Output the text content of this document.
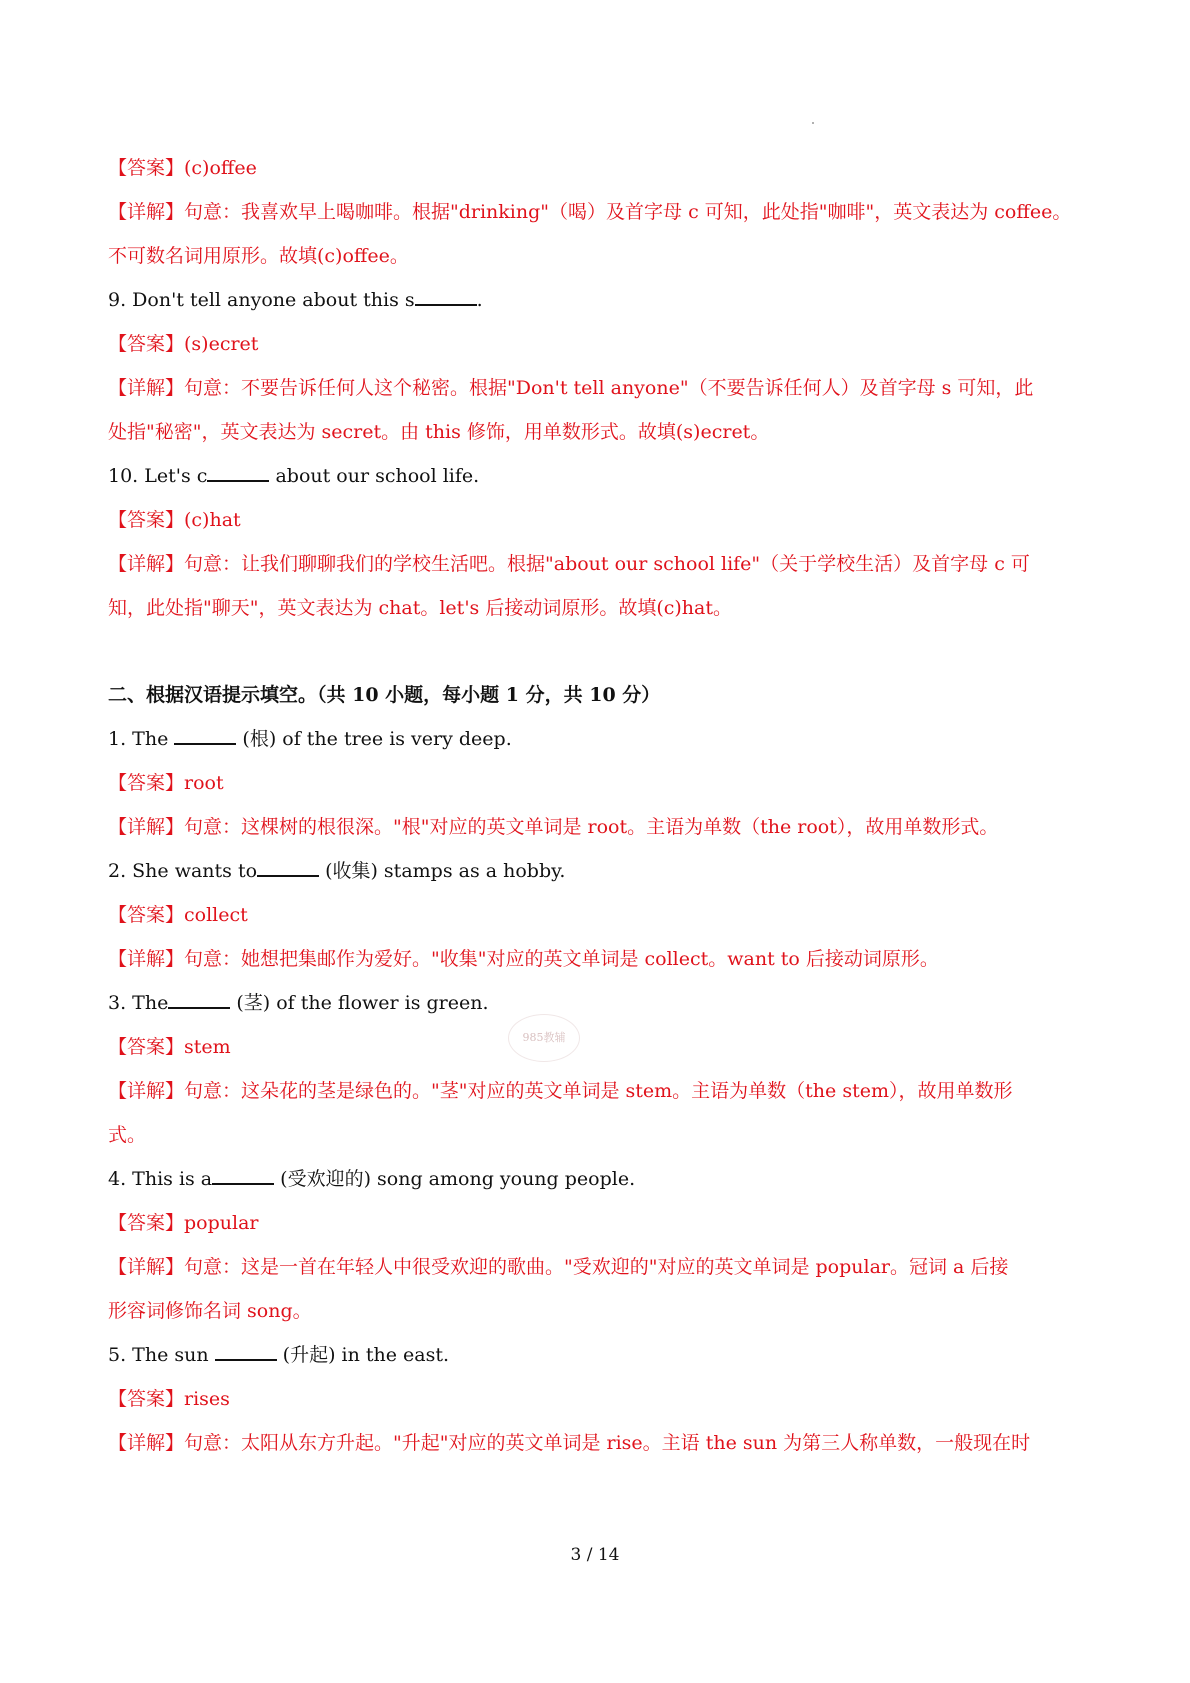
【答案】(c)offee
【详解】句意：我喜欢早上喝咖啡。根据"drinking"（喝）及首字母 c 可知，此处指"咖啡"，英文表达为 coffee。
不可数名词用原形。故填(c)offee。
9. Don't tell anyone about this s	.
【答案】(s)ecret
【详解】句意：不要告诉任何人这个秘密。根据"Don't tell anyone"（不要告诉任何人）及首字母 s 可知，此
处指"秘密"，英文表达为 secret。由 this 修饰，用单数形式。故填(s)ecret。
10. Let's c	about our school life.
【答案】(c)hat
【详解】句意：让我们聊聊我们的学校生活吧。根据"about our school life"（关于学校生活）及首字母 c 可
知，此处指"聊天"，英文表达为 chat。let's 后接动词原形。故填(c)hat。
二、根据汉语提示填空。（共 10 小题，每小题 1 分，共 10 分）
1. The	(根) of the tree is very deep.
【答案】root
【详解】句意：这棵树的根很深。"根"对应的英文单词是 root。主语为单数（the root），故用单数形式。
2. She wants to	(收集) stamps as a hobby.
【答案】collect
【详解】句意：她想把集邮作为爱好。"收集"对应的英文单词是 collect。want to 后接动词原形。
3. The	(茎) of the flower is green.
【答案】stem
【详解】句意：这朵花的茎是绿色的。"茎"对应的英文单词是 stem。主语为单数（the stem），故用单数形
式。
4. This is a	(受欢迎的) song among young people.
【答案】popular
【详解】句意：这是一首在年轻人中很受欢迎的歌曲。"受欢迎的"对应的英文单词是 popular。冠词 a 后接
形容词修饰名词 song。
5. The sun	(升起) in the east.
【答案】rises
【详解】句意：太阳从东方升起。"升起"对应的英文单词是 rise。主语 the sun 为第三人称单数，一般现在时
985教辅
3 / 14
